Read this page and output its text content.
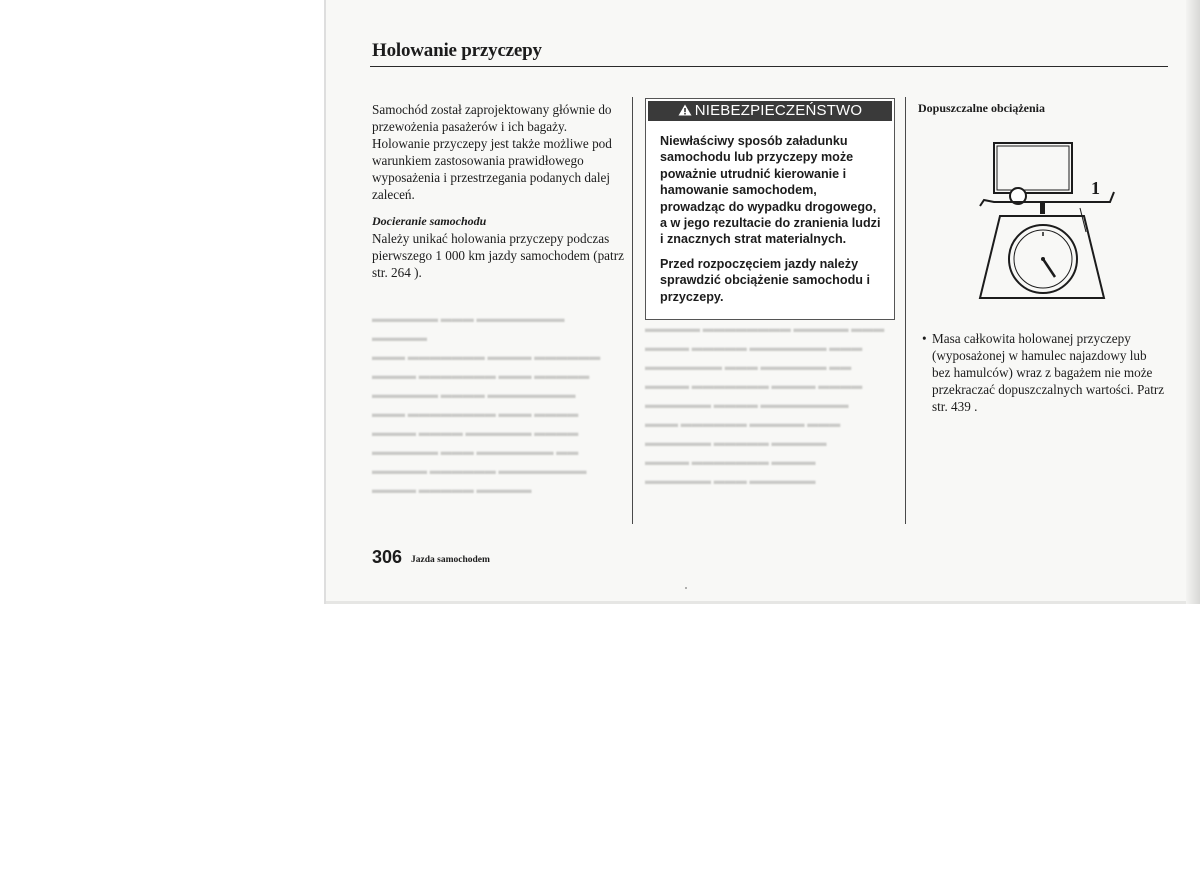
▬▬▬▬▬▬ ▬▬▬ ▬▬▬▬▬▬▬▬ ▬▬▬▬▬
▬▬▬ ▬▬▬▬▬▬▬ ▬▬▬▬ ▬▬▬▬▬▬
▬▬▬▬ ▬▬▬▬▬▬▬ ▬▬▬ ▬▬▬▬▬
▬▬▬▬▬▬ ▬▬▬▬ ▬▬▬▬▬▬▬▬
▬▬▬ ▬▬▬▬▬▬▬▬ ▬▬▬ ▬▬▬▬
▬▬▬▬ ▬▬▬▬ ▬▬▬▬▬▬ ▬▬▬▬
▬▬▬▬▬▬ ▬▬▬ ▬▬▬▬▬▬▬ ▬▬
▬▬▬▬▬ ▬▬▬▬▬▬ ▬▬▬▬▬▬▬▬
▬▬▬▬ ▬▬▬▬▬ ▬▬▬▬▬
▬▬▬▬▬ ▬▬▬▬▬▬▬▬ ▬▬▬▬▬ ▬▬▬
▬▬▬▬ ▬▬▬▬▬ ▬▬▬▬▬▬▬ ▬▬▬
▬▬▬▬▬▬▬ ▬▬▬ ▬▬▬▬▬▬ ▬▬
▬▬▬▬ ▬▬▬▬▬▬▬ ▬▬▬▬ ▬▬▬▬
▬▬▬▬▬▬ ▬▬▬▬ ▬▬▬▬▬▬▬▬
▬▬▬ ▬▬▬▬▬▬ ▬▬▬▬▬ ▬▬▬
▬▬▬▬▬▬ ▬▬▬▬▬ ▬▬▬▬▬
▬▬▬▬ ▬▬▬▬▬▬▬ ▬▬▬▬
▬▬▬▬▬▬ ▬▬▬ ▬▬▬▬▬▬
Holowanie przyczepy

Samochód został zaprojektowany głównie do przewożenia pasażerów i ich bagaży. Holowanie przyczepy jest także możliwe pod warunkiem zastosowania prawidłowego wyposażenia i przestrzegania podanych dalej zaleceń.

Docieranie samochodu

Należy unikać holowania przyczepy podczas pierwszego 1 000 km jazdy samochodem (patrz str. 264 ).

NIEBEZPIECZEŃSTWO

Niewłaściwy sposób załadunku samochodu lub przyczepy może poważnie utrudnić kierowanie i hamowanie samochodem, prowadząc do wypadku drogowego, a w jego rezultacie do zranienia ludzi i znacznych strat materialnych.

Przed rozpoczęciem jazdy należy sprawdzić obciążenie samochodu i przyczepy.

Dopuszczalne obciążenia
1
• Masa całkowita holowanej przyczepy (wyposażonej w hamulec najazdowy lub bez hamulców) wraz z bagażem nie może przekraczać dopuszczalnych wartości. Patrz str. 439 .
306 Jazda samochodem
